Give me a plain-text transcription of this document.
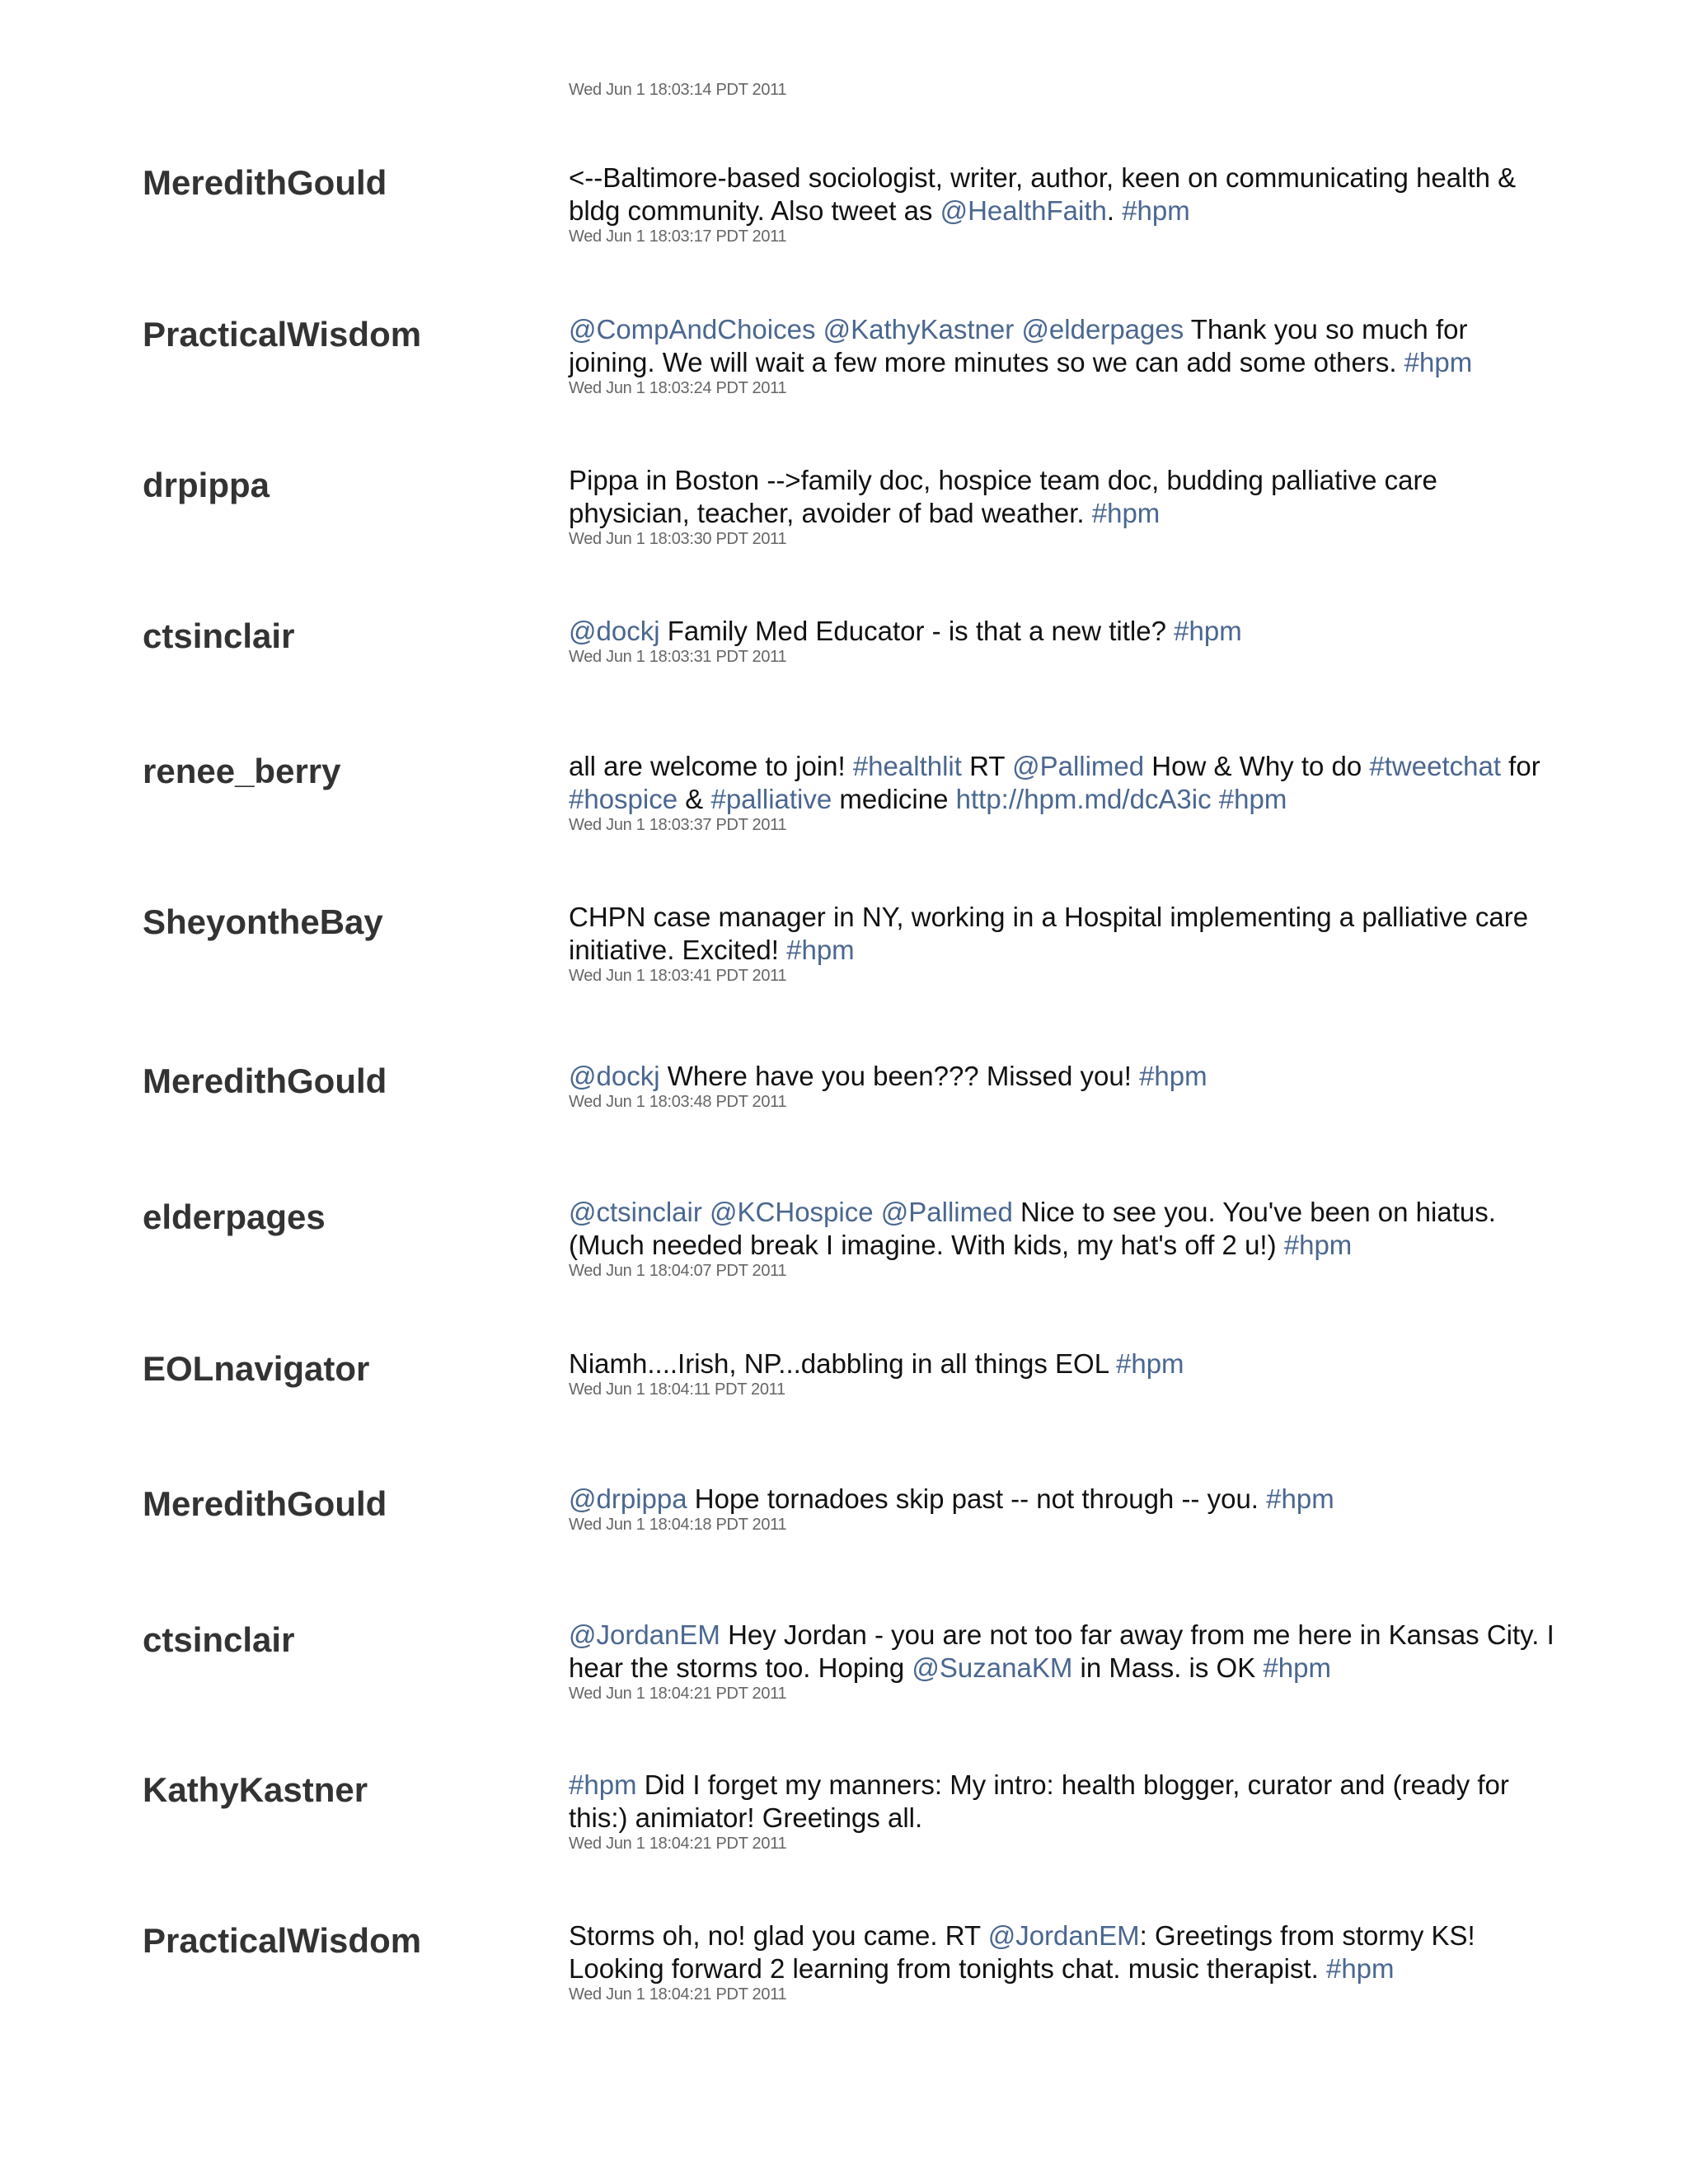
Wed Jun 1 18:03:14 PDT 2011
MeredithGould	<--Baltimore-based sociologist, writer, author, keen on communicating health & bldg community. Also tweet as @HealthFaith. #hpm
Wed Jun 1 18:03:17 PDT 2011
PracticalWisdom	@CompAndChoices @KathyKastner @elderpages Thank you so much for joining. We will wait a few more minutes so we can add some others. #hpm
Wed Jun 1 18:03:24 PDT 2011
drpippa	Pippa in Boston -->family doc, hospice team doc, budding palliative care physician, teacher, avoider of bad weather. #hpm
Wed Jun 1 18:03:30 PDT 2011
ctsinclair	@dockj Family Med Educator - is that a new title? #hpm
Wed Jun 1 18:03:31 PDT 2011
renee_berry	all are welcome to join! #healthlit RT @Pallimed How & Why to do #tweetchat for #hospice & #palliative medicine http://hpm.md/dcA3ic #hpm
Wed Jun 1 18:03:37 PDT 2011
SheyontheBay	CHPN case manager in NY, working in a Hospital implementing a palliative care initiative. Excited! #hpm
Wed Jun 1 18:03:41 PDT 2011
MeredithGould	@dockj Where have you been??? Missed you! #hpm
Wed Jun 1 18:03:48 PDT 2011
elderpages	@ctsinclair @KCHospice @Pallimed Nice to see you. You've been on hiatus. (Much needed break I imagine. With kids, my hat's off 2 u!) #hpm
Wed Jun 1 18:04:07 PDT 2011
EOLnavigator	Niamh....Irish, NP...dabbling in all things EOL #hpm
Wed Jun 1 18:04:11 PDT 2011
MeredithGould	@drpippa Hope tornadoes skip past -- not through -- you. #hpm
Wed Jun 1 18:04:18 PDT 2011
ctsinclair	@JordanEM Hey Jordan - you are not too far away from me here in Kansas City. I hear the storms too. Hoping @SuzanaKM in Mass. is OK #hpm
Wed Jun 1 18:04:21 PDT 2011
KathyKastner	#hpm Did I forget my manners: My intro: health blogger, curator and (ready for this:) animiator! Greetings all.
Wed Jun 1 18:04:21 PDT 2011
PracticalWisdom	Storms oh, no! glad you came. RT @JordanEM: Greetings from stormy KS! Looking forward 2 learning from tonights chat. music therapist. #hpm
Wed Jun 1 18:04:21 PDT 2011
